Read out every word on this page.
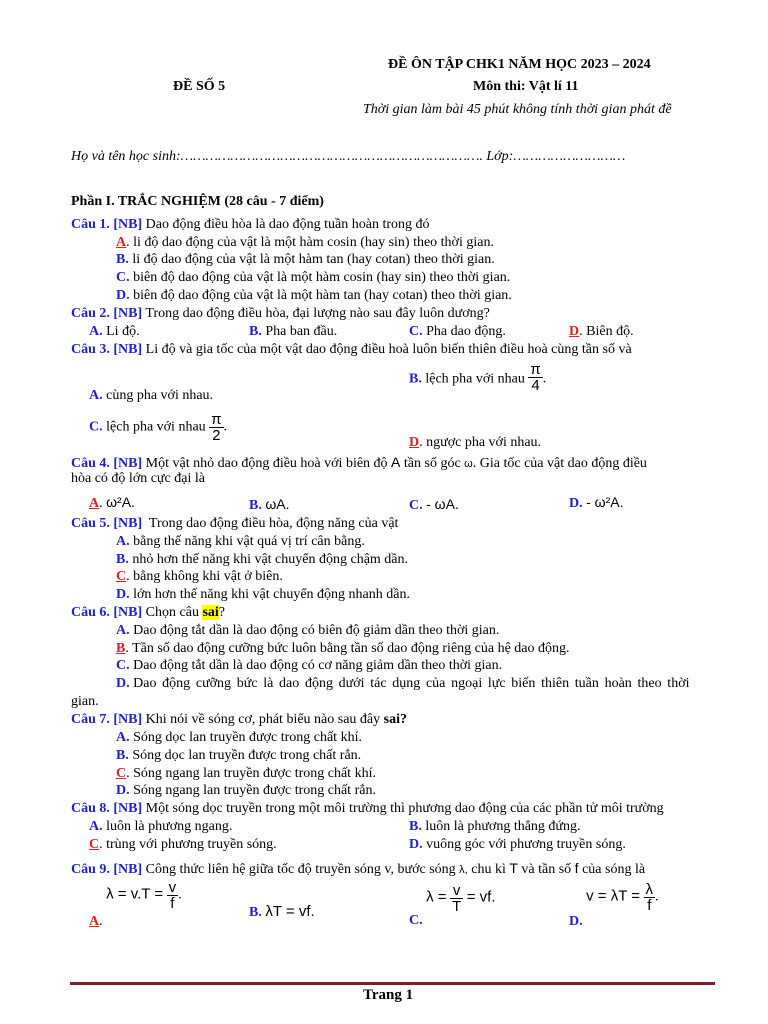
ĐỀ ÔN TẬP CHK1 NĂM HỌC 2023 – 2024
ĐỀ SỐ 5	Môn thi: Vật lí 11
Thời gian làm bài 45 phút không tính thời gian phát đề
Họ và tên học sinh:………………………………………………………………. Lớp:………………………
Phần I. TRẮC NGHIỆM (28 câu - 7 điểm)
Câu 1. [NB] Dao động điều hòa là dao động tuần hoàn trong đó
A. li độ dao động của vật là một hàm cosin (hay sin) theo thời gian.
B. li độ dao động của vật là một hàm tan (hay cotan) theo thời gian.
C. biên độ dao động của vật là một hàm cosin (hay sin) theo thời gian.
D. biên độ dao động của vật là một hàm tan (hay cotan) theo thời gian.
Câu 2. [NB] Trong dao động điều hòa, đại lượng nào sau đây luôn dương?
A. Li độ.	B. Pha ban đầu.	C. Pha dao động.	D. Biên độ.
Câu 3. [NB] Li độ và gia tốc của một vật dao động điều hoà luôn biến thiên điều hoà cùng tần số và
A. cùng pha với nhau.
B. lệch pha với nhau $\frac{\pi}{4}$ .
C. lệch pha với nhau $\frac{\pi}{2}$ .
D. ngược pha với nhau.
Câu 4. [NB] Một vật nhỏ dao động điều hoà với biên độ A tần số góc ω. Gia tốc của vật dao động điều
hòa có độ lớn cực đại là
A. ω²A.	B. ωA.	C. - ωA.	D. - ω²A.
Câu 5. [NB] Trong dao động điều hòa, động năng của vật
A. bằng thế năng khi vật quá vị trí cân bằng.
B. nhỏ hơn thế năng khi vật chuyển động chậm dần.
C. bằng không khi vật ở biên.
D. lớn hơn thế năng khi vật chuyển động nhanh dần.
Câu 6. [NB] Chọn câu sai?
A. Dao động tắt dần là dao động có biên độ giảm dần theo thời gian.
B. Tần số dao động cưỡng bức luôn bằng tần số dao động riêng của hệ dao động.
C. Dao động tắt dần là dao động có cơ năng giảm dần theo thời gian.
D. Dao động cưỡng bức là dao động dưới tác dụng của ngoại lực biến thiên tuần hoàn theo thời
gian.
Câu 7. [NB] Khi nói về sóng cơ, phát biểu nào sau đây sai?
A. Sóng dọc lan truyền được trong chất khí.
B. Sóng dọc lan truyền được trong chất rắn.
C. Sóng ngang lan truyền được trong chất khí.
D. Sóng ngang lan truyền được trong chất rắn.
Câu 8. [NB] Một sóng dọc truyền trong một môi trường thì phương dao động của các phần tử môi trường
A. luôn là phương ngang.	B. luôn là phương thẳng đứng.
C. trùng với phương truyền sóng.	D. vuông góc với phương truyền sóng.
Câu 9. [NB] Công thức liên hệ giữa tốc độ truyền sóng v, bước sóng λ, chu kì T và tần số f của sóng là
A. $\lambda = v.T = \frac{v}{f}$ .
B. λT = vf.
C. $\lambda = \frac{v}{T}$ = vf.
D. $v = \lambda T = \frac{\lambda}{f}$ .
Trang 1
